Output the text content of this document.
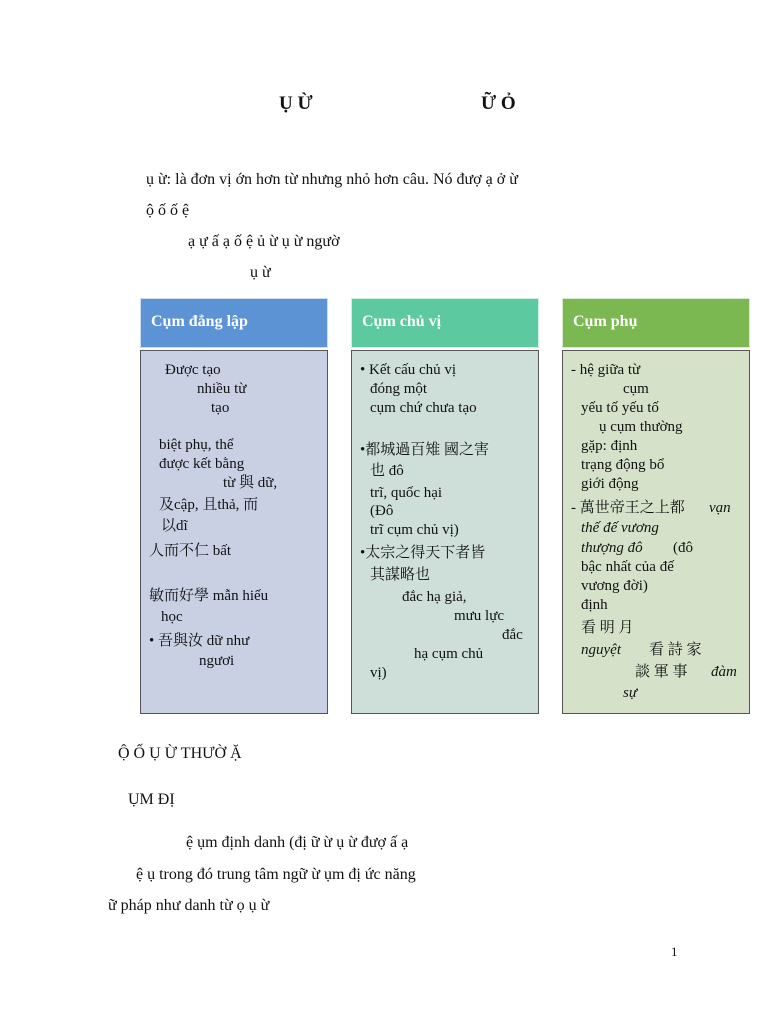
Ụ Ừ	Ữ Ỏ
ụ ừ: là đơn vị ớn hơn từ nhưng nhỏ hơn câu. Nó đượ ạ ở ừ
ộ ố ố ệ
ạ ự ấ ạ ố ệ ủ ừ ụ ừ ngườ
ụ ừ
Cụm đẳng lập
Được tạo
nhiều từ
tạo
biệt phụ, thể
được kết bằng
từ 與 dữ,
及cập, 且thả, 而
以dĩ
人而不仁 bất
敏而好學 mẫn hiếu
học
• 吾與汝 dữ như
ngươi
Cụm chủ vị
• Kết cấu chủ vị
đóng một
cụm chứ chưa tạo
•都城過百雉 國之害
也 đô
trĩ, quốc hại
(Đô
trĩ cụm chủ vị)
•太宗之得天下者皆
其謀略也
đắc hạ giả,
mưu lực
đắc
hạ cụm chủ
vị)
Cụm phụ
- hệ giữa từ
cụm
yếu tố yếu tố
ụ cụm thường
gặp: định
trạng động bổ
giới động
- 萬世帝王之上都 vạn
thế đế vương
thượng đô (đô
bậc nhất của đế
vương đời)
định
看 明 月
nguyệt 看 詩 家
談 軍 事 đàm
sự
Ộ Ố Ụ Ừ THƯỜ Ặ
ỤM ĐỊ
ệ ụm định danh (đị ữ ừ ụ ừ đượ ấ ạ
ệ ụ trong đó trung tâm ngữ ừ ụm đị ức năng
ữ pháp như danh từ ọ ụ ừ
1
